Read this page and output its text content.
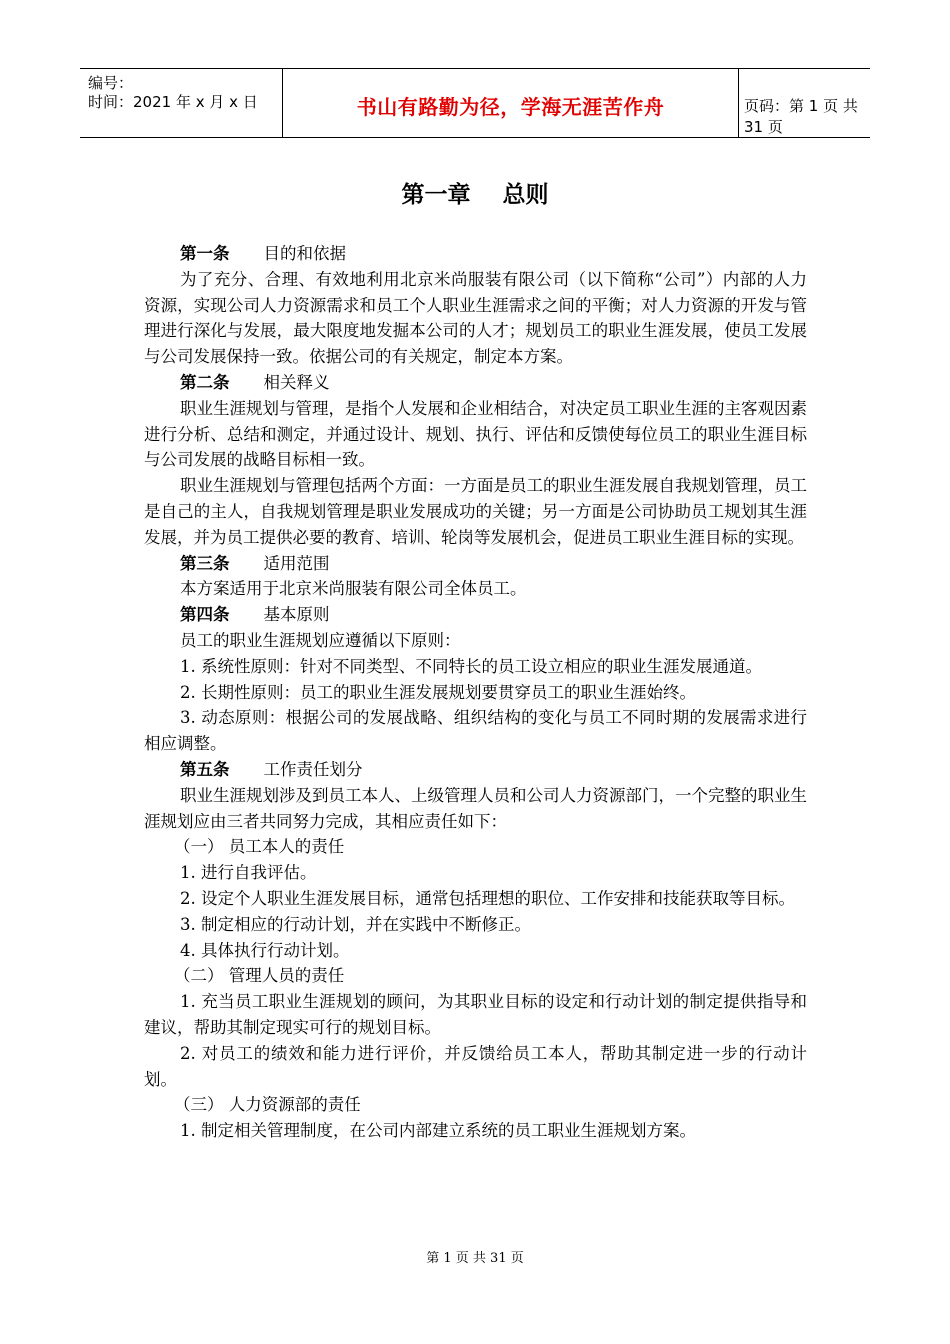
编号：
时间：2021 年 x 月 x 日	书山有路勤为径，学海无涯苦作舟	页码：第 1 页 共 31 页
第一章    总则

第一条 目的和依据

为了充分、合理、有效地利用北京米尚服装有限公司（以下简称“公司”）内部的人力资源，实现公司人力资源需求和员工个人职业生涯需求之间的平衡；对人力资源的开发与管理进行深化与发展，最大限度地发掘本公司的人才；规划员工的职业生涯发展，使员工发展与公司发展保持一致。依据公司的有关规定，制定本方案。

第二条 相关释义

职业生涯规划与管理，是指个人发展和企业相结合，对决定员工职业生涯的主客观因素进行分析、总结和测定，并通过设计、规划、执行、评估和反馈使每位员工的职业生涯目标与公司发展的战略目标相一致。

职业生涯规划与管理包括两个方面：一方面是员工的职业生涯发展自我规划管理，员工是自己的主人，自我规划管理是职业发展成功的关键；另一方面是公司协助员工规划其生涯发展，并为员工提供必要的教育、培训、轮岗等发展机会，促进员工职业生涯目标的实现。

第三条 适用范围

本方案适用于北京米尚服装有限公司全体员工。

第四条 基本原则

员工的职业生涯规划应遵循以下原则：

1. 系统性原则：针对不同类型、不同特长的员工设立相应的职业生涯发展通道。

2. 长期性原则：员工的职业生涯发展规划要贯穿员工的职业生涯始终。

3. 动态原则：根据公司的发展战略、组织结构的变化与员工不同时期的发展需求进行相应调整。

第五条 工作责任划分

职业生涯规划涉及到员工本人、上级管理人员和公司人力资源部门，一个完整的职业生涯规划应由三者共同努力完成，其相应责任如下：

（一） 员工本人的责任

1. 进行自我评估。

2. 设定个人职业生涯发展目标，通常包括理想的职位、工作安排和技能获取等目标。

3. 制定相应的行动计划，并在实践中不断修正。

4. 具体执行行动计划。

（二） 管理人员的责任

1. 充当员工职业生涯规划的顾问，为其职业目标的设定和行动计划的制定提供指导和建议，帮助其制定现实可行的规划目标。

2. 对员工的绩效和能力进行评价，并反馈给员工本人，帮助其制定进一步的行动计划。

（三） 人力资源部的责任

1. 制定相关管理制度，在公司内部建立系统的员工职业生涯规划方案。

第 1 页 共 31 页
